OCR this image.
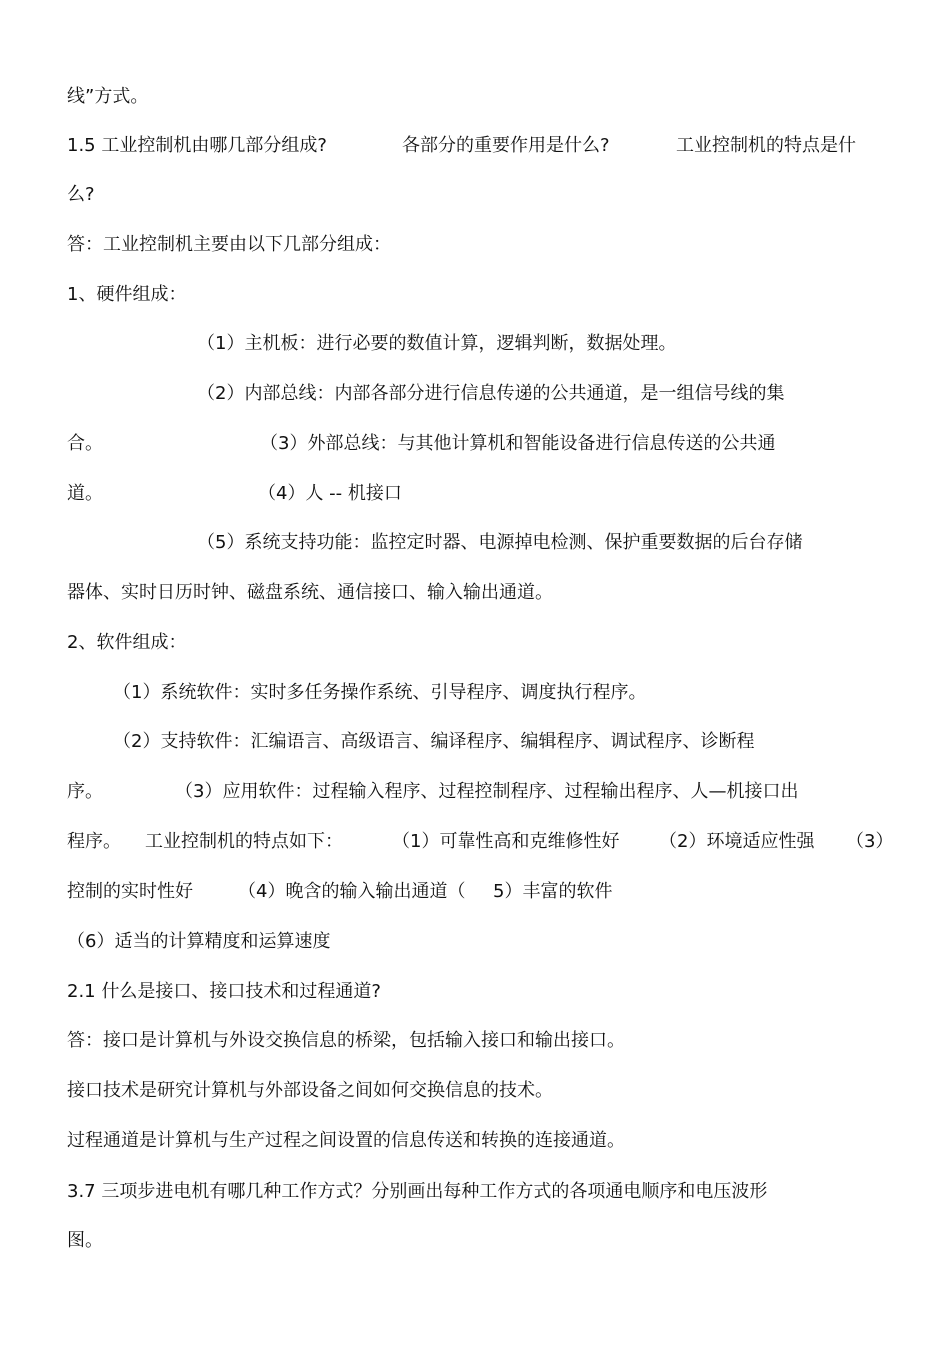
线”方式。
1.5 工业控制机由哪几部分组成?	各部分的重要作用是什么?	工业控制机的特点是什
么?
答：工业控制机主要由以下几部分组成：
1、硬件组成：
（1）主机板：进行必要的数值计算，逻辑判断，数据处理。
（2）内部总线：内部各部分进行信息传递的公共通道，是一组信号线的集
合。	（3）外部总线：与其他计算机和智能设备进行信息传送的公共通
道。	（4）人 -- 机接口
（5）系统支持功能：监控定时器、电源掉电检测、保护重要数据的后台存储
器体、实时日历时钟、磁盘系统、通信接口、输入输出通道。
2、软件组成：
（1）系统软件：实时多任务操作系统、引导程序、调度执行程序。
（2）支持软件：汇编语言、高级语言、编译程序、编辑程序、调试程序、诊断程
序。	（3）应用软件：过程输入程序、过程控制程序、过程输出程序、人—机接口出
程序。 工业控制机的特点如下：	（1）可靠性高和克维修性好 （2）环境适应性强 （3）
控制的实时性好	（4）晚含的输入输出通道（ 5）丰富的软件
（6）适当的计算精度和运算速度
2.1 什么是接口、接口技术和过程通道?
答：接口是计算机与外设交换信息的桥梁，包括输入接口和输出接口。
接口技术是研究计算机与外部设备之间如何交换信息的技术。
过程通道是计算机与生产过程之间设置的信息传送和转换的连接通道。
3.7 三项步进电机有哪几种工作方式？分别画出每种工作方式的各项通电顺序和电压波形
图。
